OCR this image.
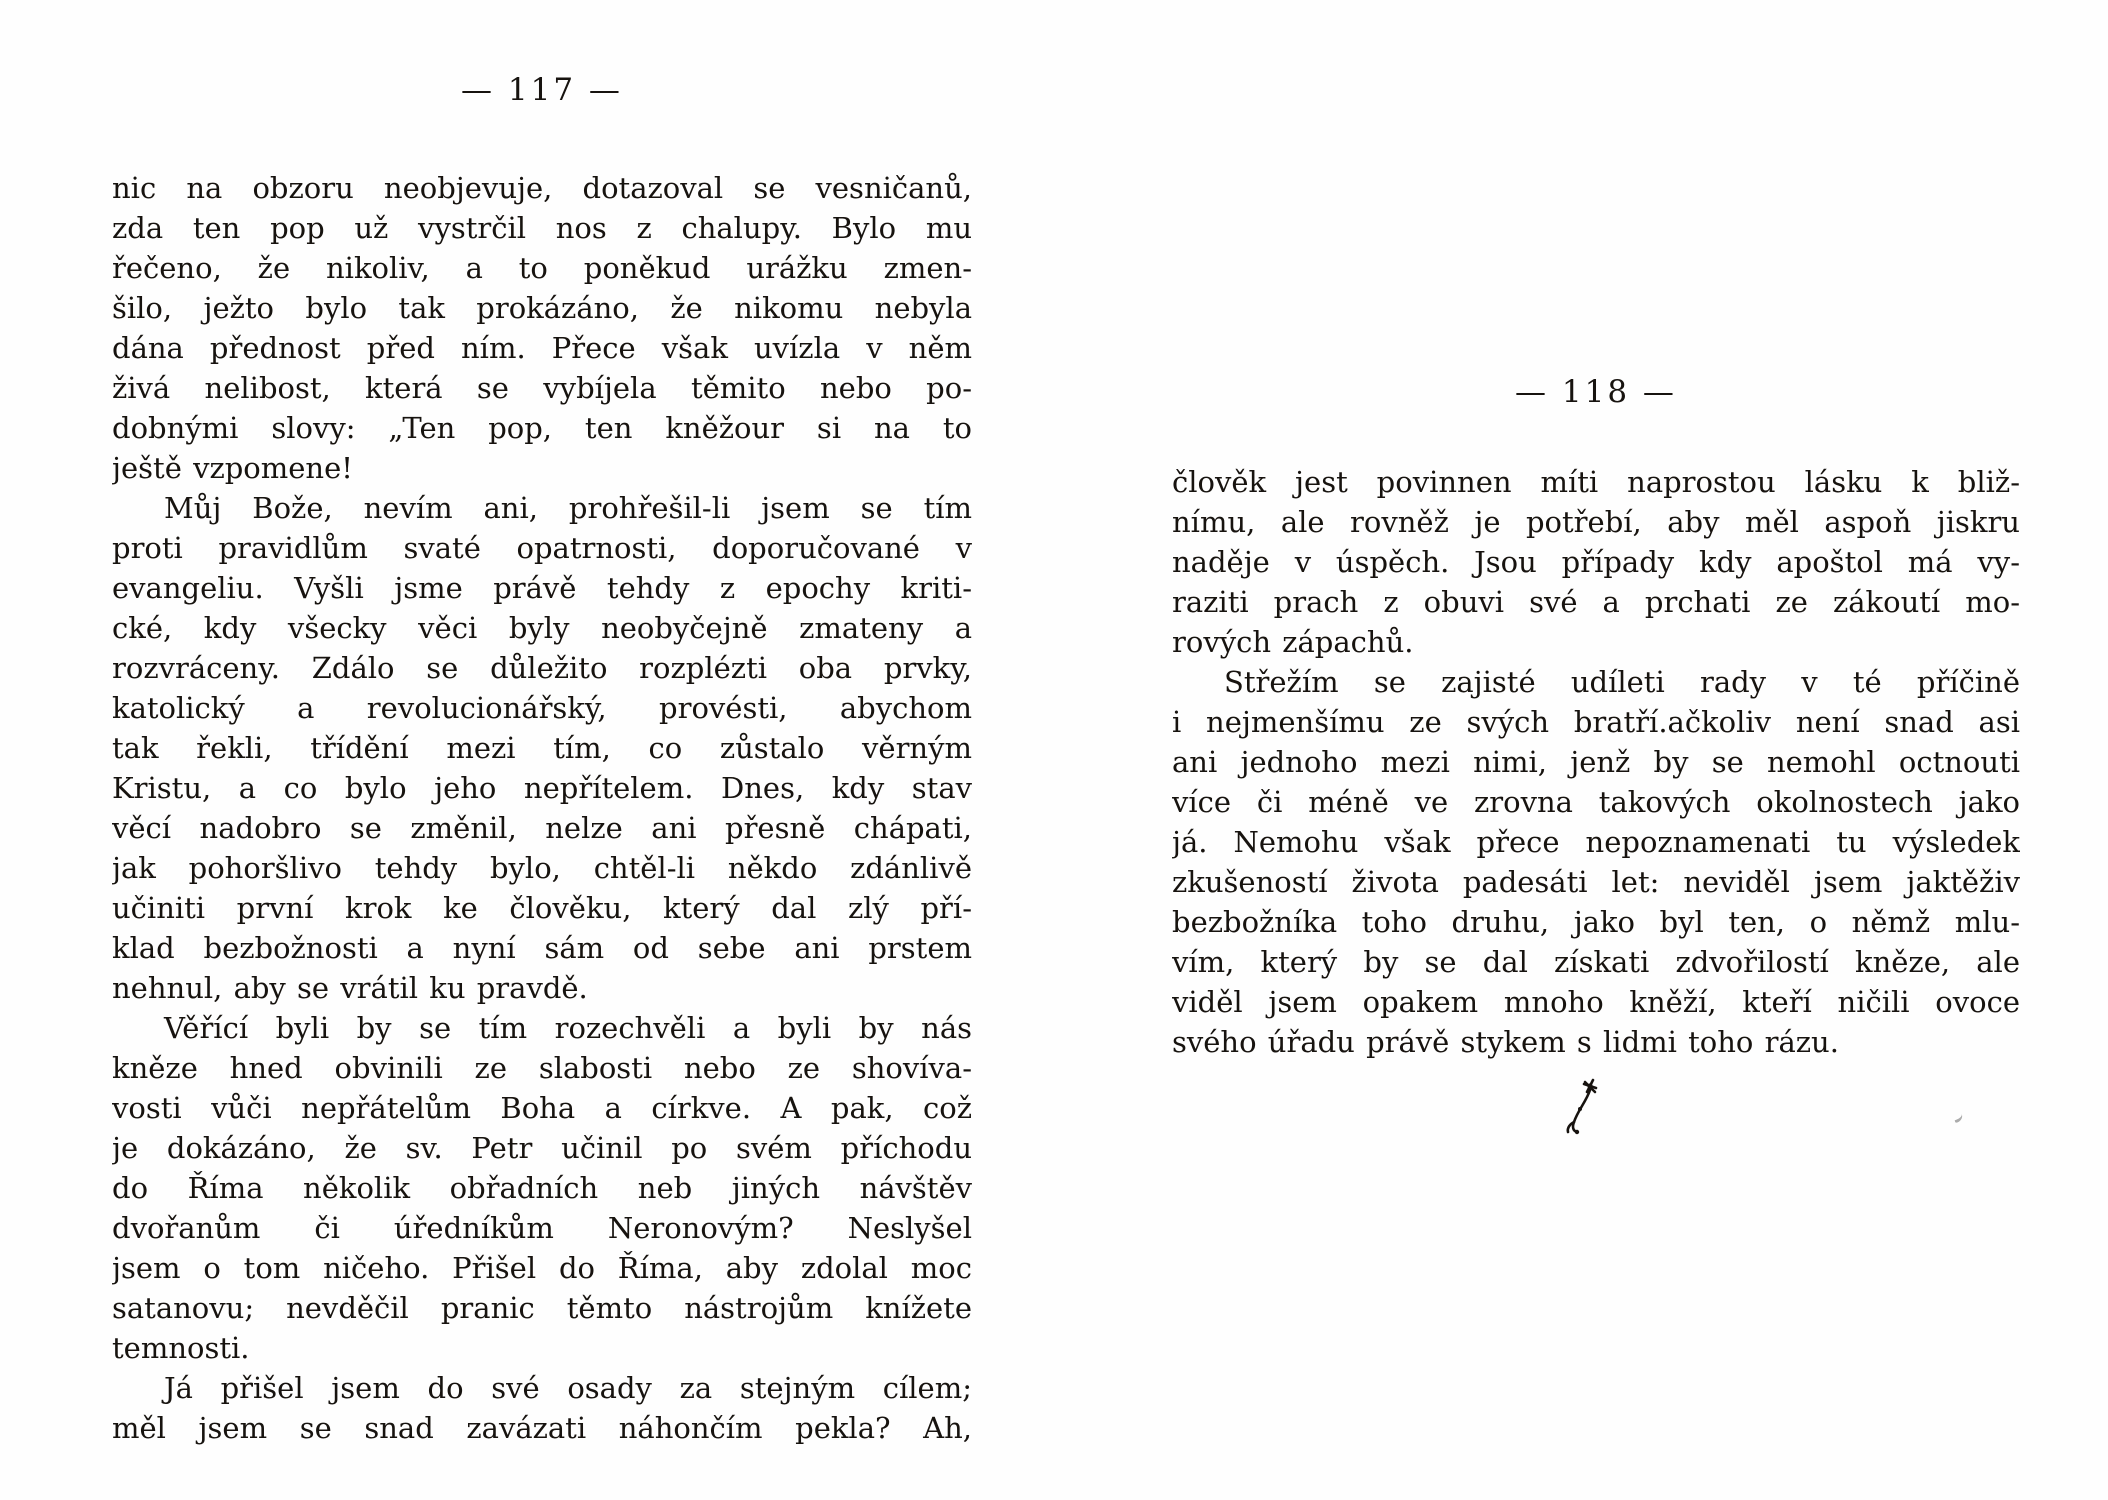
— 117 —
nic na obzoru neobjevuje, dotazoval se vesničanů,
zda ten pop už vystrčil nos z chalupy. Bylo mu
řečeno, že nikoliv, a to poněkud urážku zmen-
šilo, ježto bylo tak prokázáno, že nikomu nebyla
dána přednost před ním. Přece však uvízla v něm
živá nelibost, která se vybíjela těmito nebo po-
dobnými slovy: „Ten pop, ten kněžour si na to
ještě vzpomene!
Můj Bože, nevím ani, prohřešil-li jsem se tím
proti pravidlům svaté opatrnosti, doporučované v
evangeliu. Vyšli jsme právě tehdy z epochy kriti-
cké, kdy všecky věci byly neobyčejně zmateny a
rozvráceny. Zdálo se důležito rozplézti oba prvky,
katolický a revolucionářský, provésti, abychom
tak řekli, třídění mezi tím, co zůstalo věrným
Kristu, a co bylo jeho nepřítelem. Dnes, kdy stav
věcí nadobro se změnil, nelze ani přesně chápati,
jak pohoršlivo tehdy bylo, chtěl-li někdo zdánlivě
učiniti první krok ke člověku, který dal zlý pří-
klad bezbožnosti a nyní sám od sebe ani prstem
nehnul, aby se vrátil ku pravdě.
Věřící byli by se tím rozechvěli a byli by nás
kněze hned obvinili ze slabosti nebo ze shovíva-
vosti vůči nepřátelům Boha a církve. A pak, což
je dokázáno, že sv. Petr učinil po svém příchodu
do Říma několik obřadních neb jiných návštěv
dvořanům či úředníkům Neronovým? Neslyšel
jsem o tom ničeho. Přišel do Říma, aby zdolal moc
satanovu; nevděčil pranic těmto nástrojům knížete
temnosti.
Já přišel jsem do své osady za stejným cílem;
měl jsem se snad zavázati náhončím pekla? Ah,
— 118 —
člověk jest povinnen míti naprostou lásku k bliž-
nímu, ale rovněž je potřebí, aby měl aspoň jiskru
naděje v úspěch. Jsou případy kdy apoštol má vy-
raziti prach z obuvi své a prchati ze zákoutí mo-
rových zápachů.
Střežím se zajisté udíleti rady v té příčině
i nejmenšímu ze svých bratří.ačkoliv není snad asi
ani jednoho mezi nimi, jenž by se nemohl octnouti
více či méně ve zrovna takových okolnostech jako
já. Nemohu však přece nepoznamenati tu výsledek
zkušeností života padesáti let: neviděl jsem jaktěživ
bezbožníka toho druhu, jako byl ten, o němž mlu-
vím, který by se dal získati zdvořilostí kněze, ale
viděl jsem opakem mnoho kněží, kteří ničili ovoce
svého úřadu právě stykem s lidmi toho rázu.
